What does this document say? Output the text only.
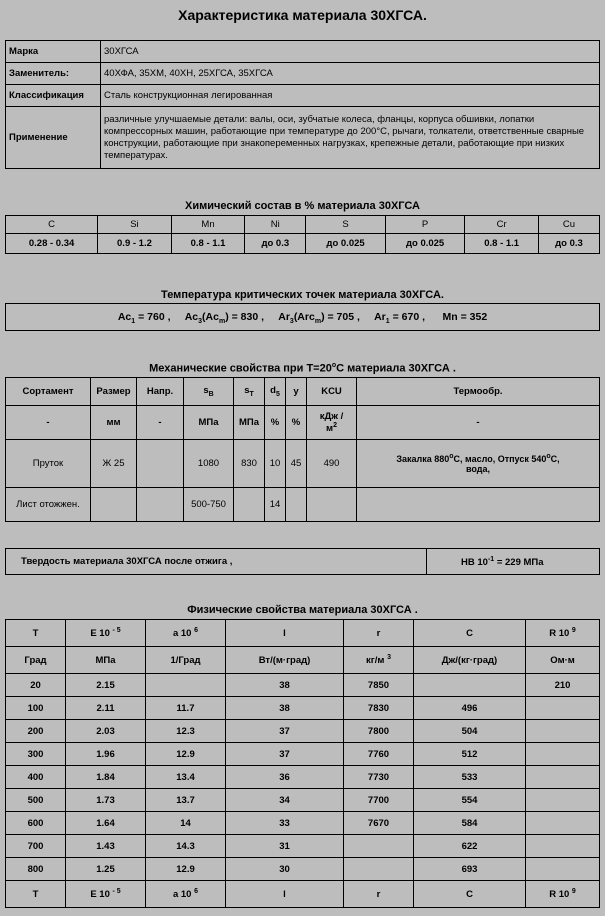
Характеристика материала 30ХГСА.
Марка	30ХГСА
Заменитель:	40ХФА, 35ХМ, 40ХН, 25ХГСА, 35ХГСА
Классификация	Сталь конструкционная легированная
Применение	различные улучшаемые детали: валы, оси, зубчатые колеса, фланцы, корпуса обшивки, лопатки компрессорных машин, работающие при температуре до 200°С, рычаги, толкатели, ответственные сварные конструкции, работающие при знакопеременных нагрузках, крепежные детали, работающие при низких температурах.
Химический состав в % материала 30ХГСА
C	Si	Mn	Ni	S	P	Cr	Cu
0.28 - 0.34	0.9 - 1.2	0.8 - 1.1	до 0.3	до 0.025	до 0.025	0.8 - 1.1	до 0.3
Температура критических точек материала 30ХГСА.
$Ac_1 = 760$ , $Ac_3(Ac_m) = 830$ , $Ar_3(Arc_m) = 705$ , $Ar_1 = 670$ , Mn = 352
Механические свойства при $Т=20^oС$ материала 30ХГСА .
Сортамент	Размер	Напр.	$s_B$	$s_T$	$d_5$	y	KCU	Термообр.
-	мм	-	МПа	МПа	%	%	кДж /
$м^2$	-
Пруток	Ж 25		1080	830	10	45	490	Закалка 880$^o$С, масло, Отпуск 540$^o$С,
вода,
Лист отожжен.			500-750		14			
Твердость материала 30ХГСА после отжига ,	HB $10^{-1} = 229$ МПа
Физические свойства материала 30ХГСА .
T	E 10 $^{- 5}$	a 10 $^6$	l	r	C	R 10 $^9$
Град	МПа	1/Град	Вт/(м·град)	кг/м $^3$	Дж/(кг·град)	Ом·м
20	2.15		38	7850		210
100	2.11	11.7	38	7830	496	
200	2.03	12.3	37	7800	504	
300	1.96	12.9	37	7760	512	
400	1.84	13.4	36	7730	533	
500	1.73	13.7	34	7700	554	
600	1.64	14	33	7670	584	
700	1.43	14.3	31		622	
800	1.25	12.9	30		693	
T	E 10 $^{- 5}$	a 10 $^6$	l	r	C	R 10 $^9$
